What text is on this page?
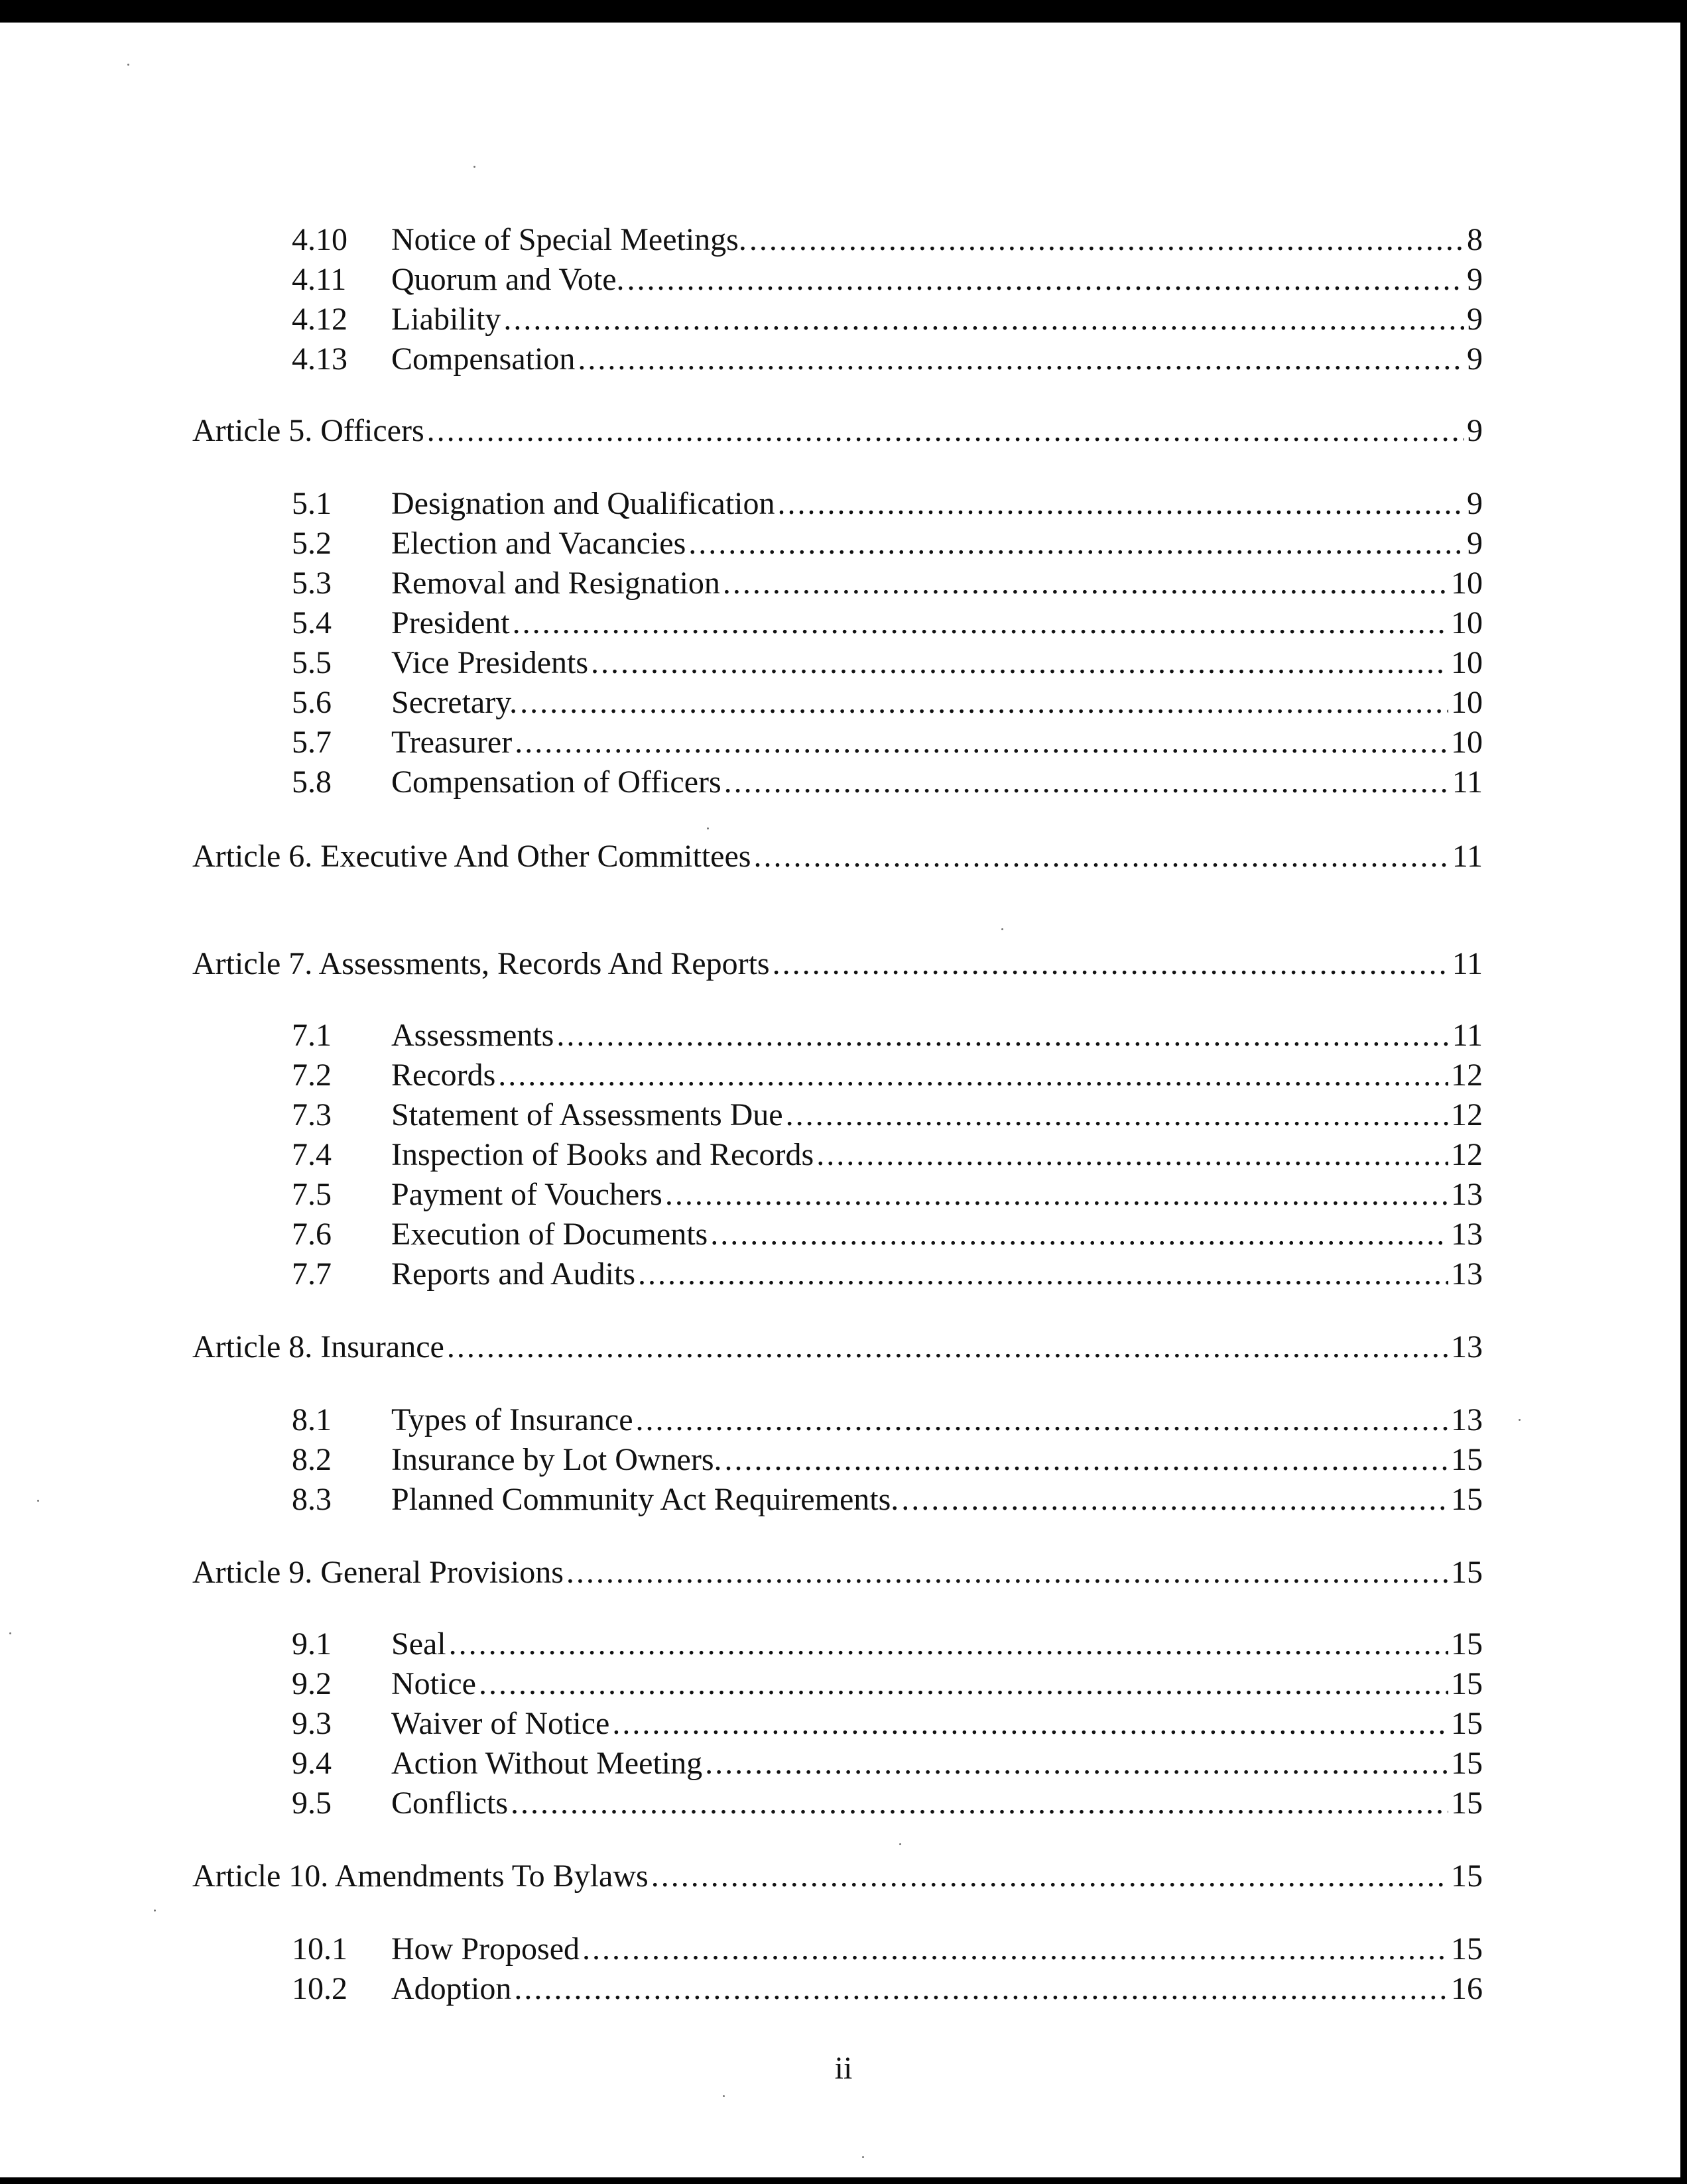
4.10	Notice of Special Meetings. .....	8
4.11	Quorum and Vote. .....	9
4.12	Liability .....	9
4.13	Compensation .....	9
Article 5. Officers .....	9
5.1	Designation and Qualification .....	9
5.2	Election and Vacancies .....	9
5.3	Removal and Resignation .....	10
5.4	President .....	10
5.5	Vice Presidents .....	10
5.6	Secretary. .....	10
5.7	Treasurer .....	10
5.8	Compensation of Officers .....	11
Article 6. Executive And Other Committees .....	11
Article 7. Assessments, Records And Reports .....	11
7.1	Assessments .....	11
7.2	Records .....	12
7.3	Statement of Assessments Due .....	12
7.4	Inspection of Books and Records .....	12
7.5	Payment of Vouchers .....	13
7.6	Execution of Documents .....	13
7.7	Reports and Audits .....	13
Article 8. Insurance .....	13
8.1	Types of Insurance .....	13
8.2	Insurance by Lot Owners. .....	15
8.3	Planned Community Act Requirements. .....	15
Article 9. General Provisions .....	15
9.1	Seal .....	15
9.2	Notice .....	15
9.3	Waiver of Notice .....	15
9.4	Action Without Meeting .....	15
9.5	Conflicts .....	15
Article 10. Amendments To Bylaws .....	15
10.1	How Proposed .....	15
10.2	Adoption .....	16
ii
